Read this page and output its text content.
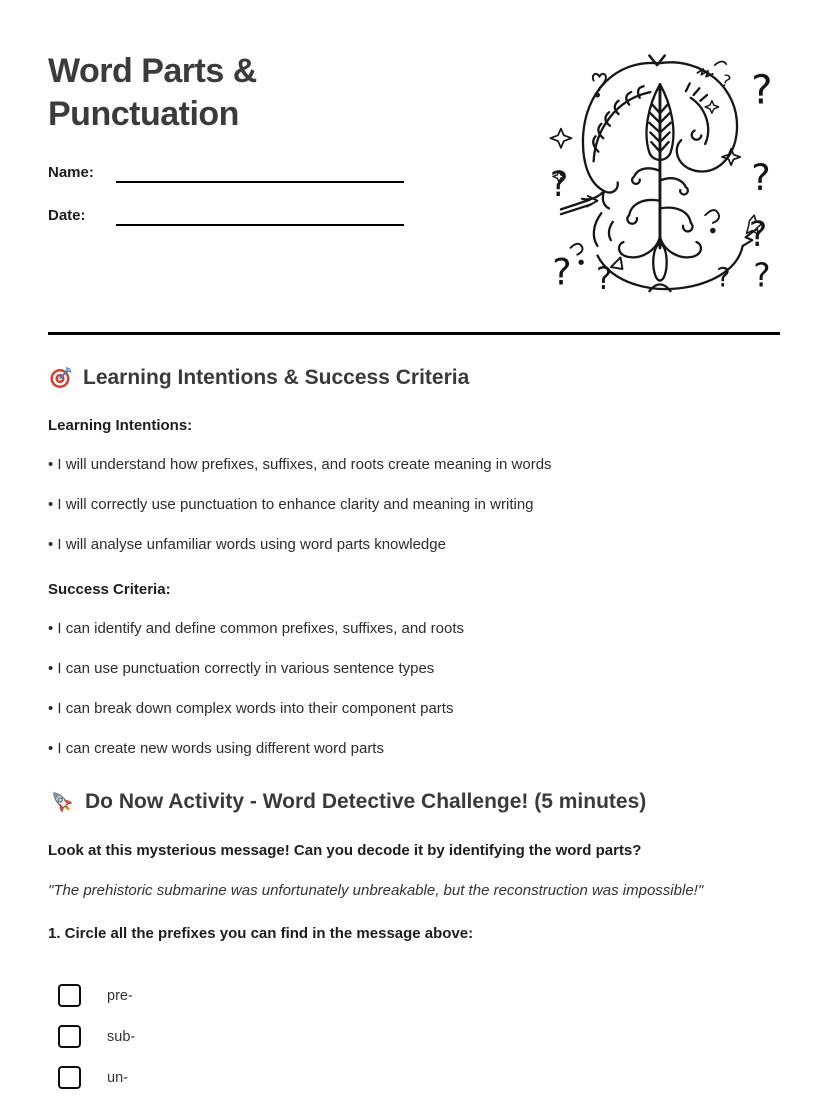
Word Parts & Punctuation
Name:
Date:
?
?
?
?
?
?
? ?
?
Learning Intentions & Success Criteria

Learning Intentions:

• I will understand how prefixes, suffixes, and roots create meaning in words
• I will correctly use punctuation to enhance clarity and meaning in writing
• I will analyse unfamiliar words using word parts knowledge

Success Criteria:

• I can identify and define common prefixes, suffixes, and roots
• I can use punctuation correctly in various sentence types
• I can break down complex words into their component parts
• I can create new words using different word parts
Do Now Activity - Word Detective Challenge! (5 minutes)

Look at this mysterious message! Can you decode it by identifying the word parts?

"The prehistoric submarine was unfortunately unbreakable, but the reconstruction was impossible!"

1. Circle all the prefixes you can find in the message above:

pre-
sub-
un-
